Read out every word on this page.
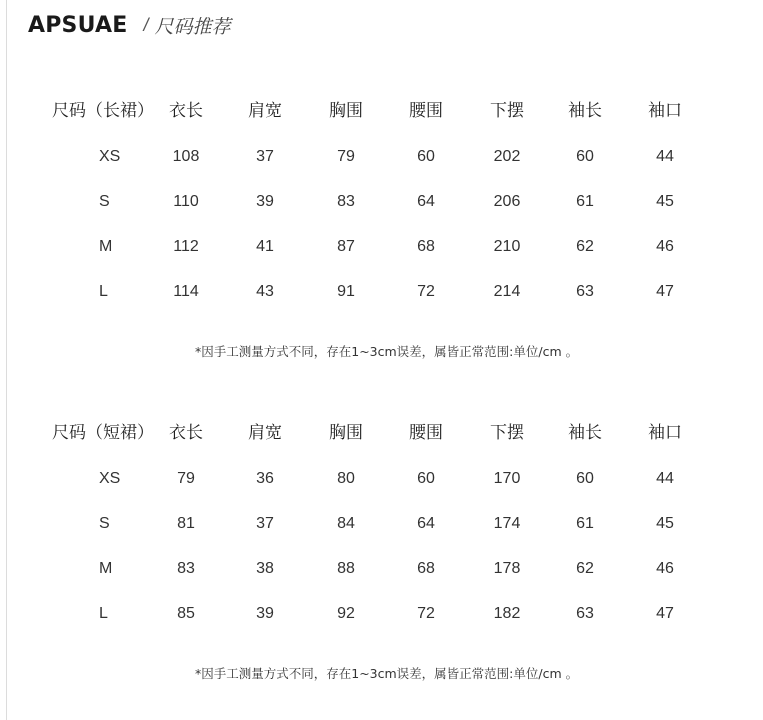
APSUAE / 尺码推荐
尺码（长裙） 衣长	肩宽	胸围	腰围	下摆	袖长	袖口
XS	108	37	79	60	202	60	44
S	110	39	83	64	206	61	45
M	112	41	87	68	210	62	46
L	114	43	91	72	214	63	47
*因手工测量方式不同，存在1~3cm误差，属皆正常范围:单位/cm 。
尺码（短裙） 衣长	肩宽	胸围	腰围	下摆	袖长	袖口
XS	79	36	80	60	170	60	44
S	81	37	84	64	174	61	45
M	83	38	88	68	178	62	46
L	85	39	92	72	182	63	47
*因手工测量方式不同，存在1~3cm误差，属皆正常范围:单位/cm 。
